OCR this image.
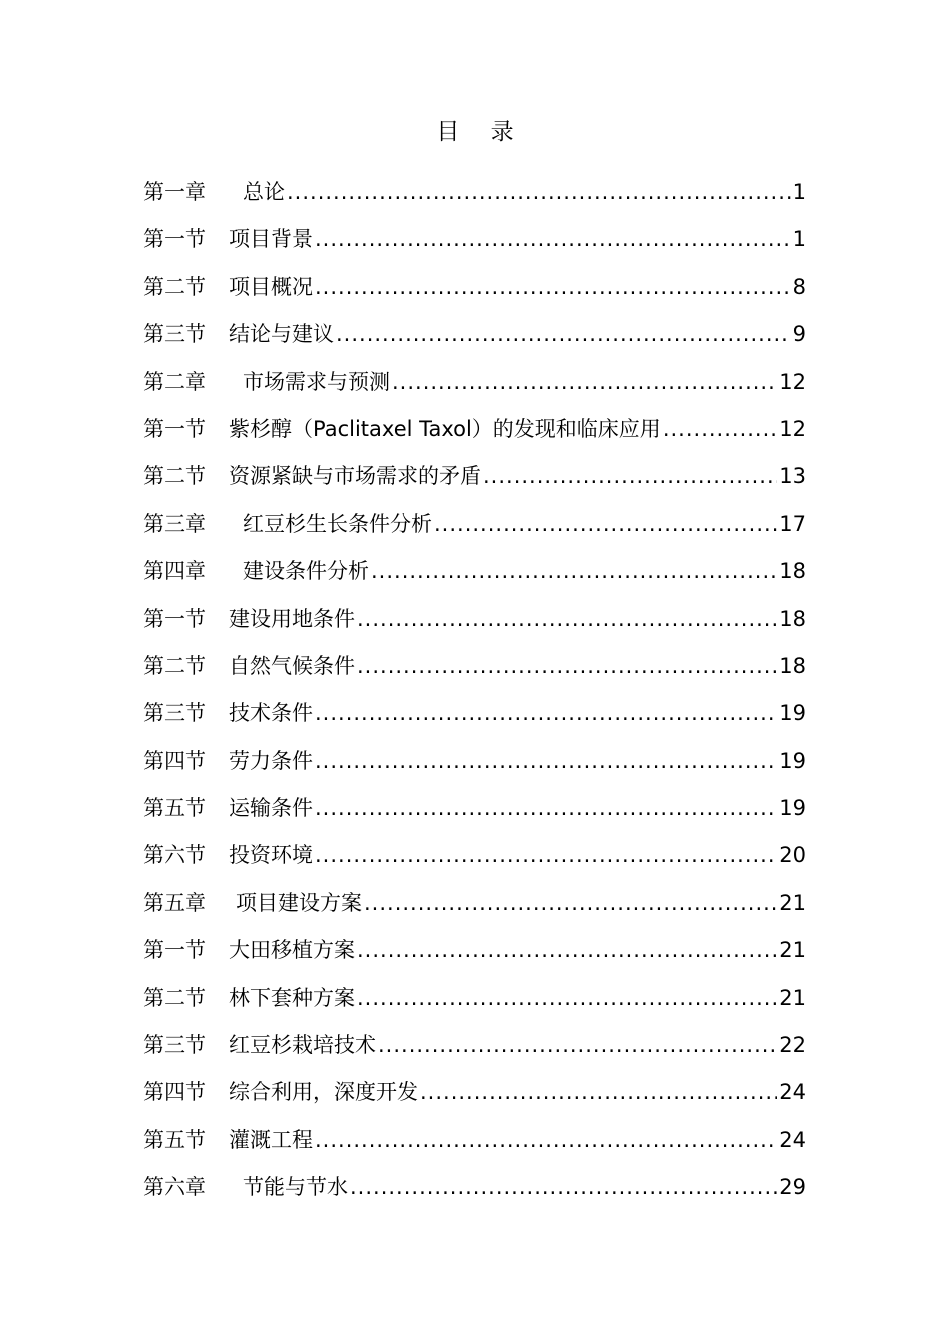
目 录
第一章 总论 .....	1
第一节 项目背景 .....	1
第二节 项目概况 .....	8
第三节 结论与建议 .....	9
第二章 市场需求与预测 .....	12
第一节 紫杉醇（Paclitaxel Taxol）的发现和临床应用 .....	12
第二节 资源紧缺与市场需求的矛盾 .....	13
第三章 红豆杉生长条件分析 .....	17
第四章 建设条件分析 .....	18
第一节 建设用地条件 .....	18
第二节 自然气候条件 .....	18
第三节 技术条件 .....	19
第四节 劳力条件 .....	19
第五节 运输条件 .....	19
第六节 投资环境 .....	20
第五章 项目建设方案 .....	21
第一节 大田移植方案 .....	21
第二节 林下套种方案 .....	21
第三节 红豆杉栽培技术 .....	22
第四节 综合利用，深度开发 .....	24
第五节 灌溉工程 .....	24
第六章 节能与节水 .....	29
